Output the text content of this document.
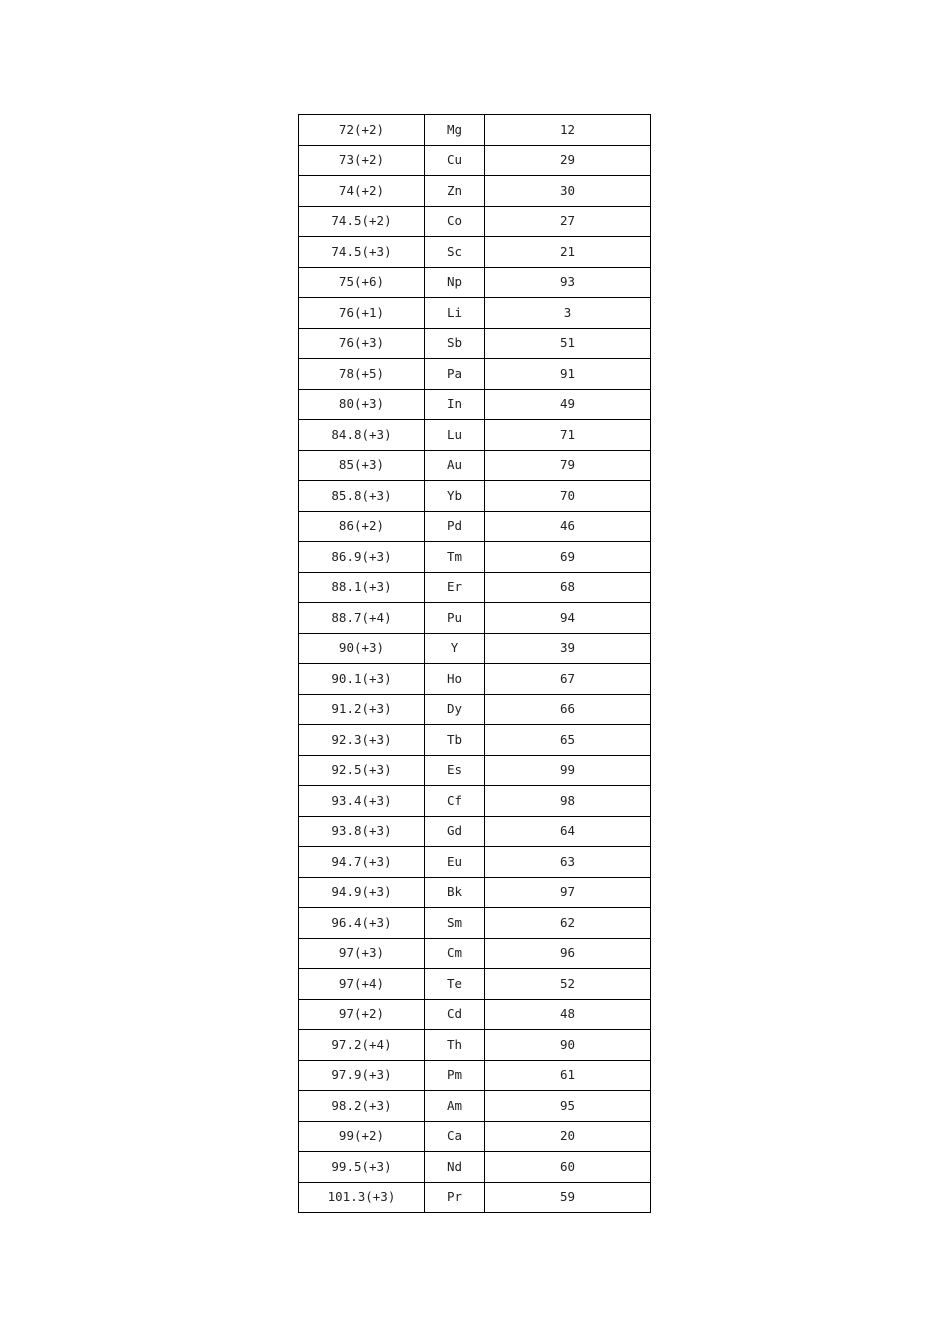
72(+2)	Mg	12
73(+2)	Cu	29
74(+2)	Zn	30
74.5(+2)	Co	27
74.5(+3)	Sc	21
75(+6)	Np	93
76(+1)	Li	3
76(+3)	Sb	51
78(+5)	Pa	91
80(+3)	In	49
84.8(+3)	Lu	71
85(+3)	Au	79
85.8(+3)	Yb	70
86(+2)	Pd	46
86.9(+3)	Tm	69
88.1(+3)	Er	68
88.7(+4)	Pu	94
90(+3)	Y	39
90.1(+3)	Ho	67
91.2(+3)	Dy	66
92.3(+3)	Tb	65
92.5(+3)	Es	99
93.4(+3)	Cf	98
93.8(+3)	Gd	64
94.7(+3)	Eu	63
94.9(+3)	Bk	97
96.4(+3)	Sm	62
97(+3)	Cm	96
97(+4)	Te	52
97(+2)	Cd	48
97.2(+4)	Th	90
97.9(+3)	Pm	61
98.2(+3)	Am	95
99(+2)	Ca	20
99.5(+3)	Nd	60
101.3(+3)	Pr	59
